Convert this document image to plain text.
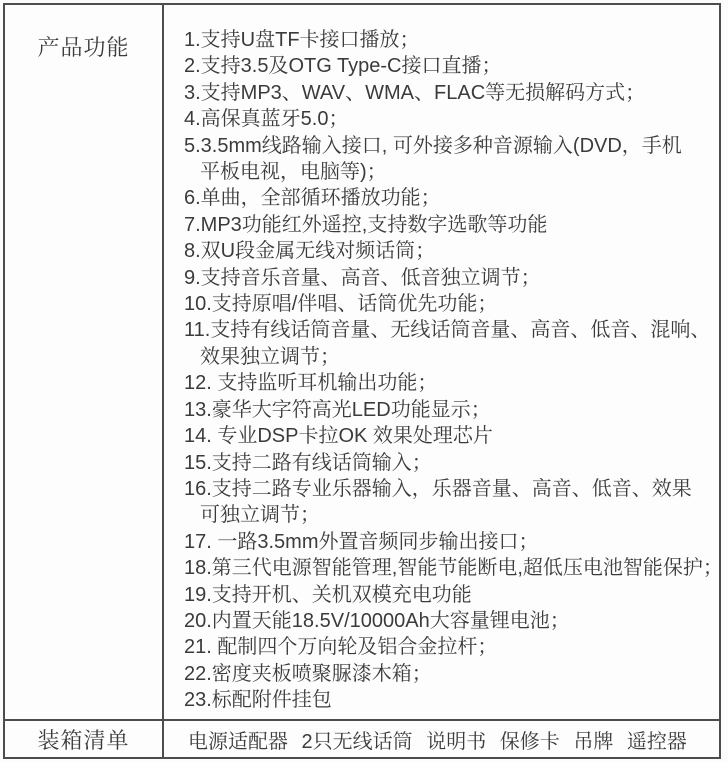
产品功能	1.支持U盘TF卡接口播放；
2.支持3.5及OTG Type-C接口直播；
3.支持MP3、WAV、WMA、FLAC等无损解码方式；
4.高保真蓝牙5.0；
5.3.5mm线路输入接口, 可外接多种音源输入(DVD，手机
平板电视，电脑等)；
6.单曲，全部循环播放功能；
7.MP3功能红外遥控,支持数字选歌等功能
8.双U段金属无线对频话筒；
9.支持音乐音量、高音、低音独立调节；
10.支持原唱/伴唱、话筒优先功能；
11.支持有线话筒音量、无线话筒音量、高音、低音、混响、
效果独立调节；
12. 支持监听耳机输出功能；
13.豪华大字符高光LED功能显示；
14. 专业DSP卡拉OK 效果处理芯片
15.支持二路有线话筒输入；
16.支持二路专业乐器输入，乐器音量、高音、低音、效果
可独立调节；
17. 一路3.5mm外置音频同步输出接口；
18.第三代电源智能管理,智能节能断电,超低压电池智能保护；
19.支持开机、关机双模充电功能
20.内置天能18.5V/10000Ah大容量锂电池；
21. 配制四个万向轮及铝合金拉杆；
22.密度夹板喷聚脲漆木箱；
23.标配附件挂包
装箱清单	电源适配器 2只无线话筒 说明书 保修卡 吊牌 遥控器
